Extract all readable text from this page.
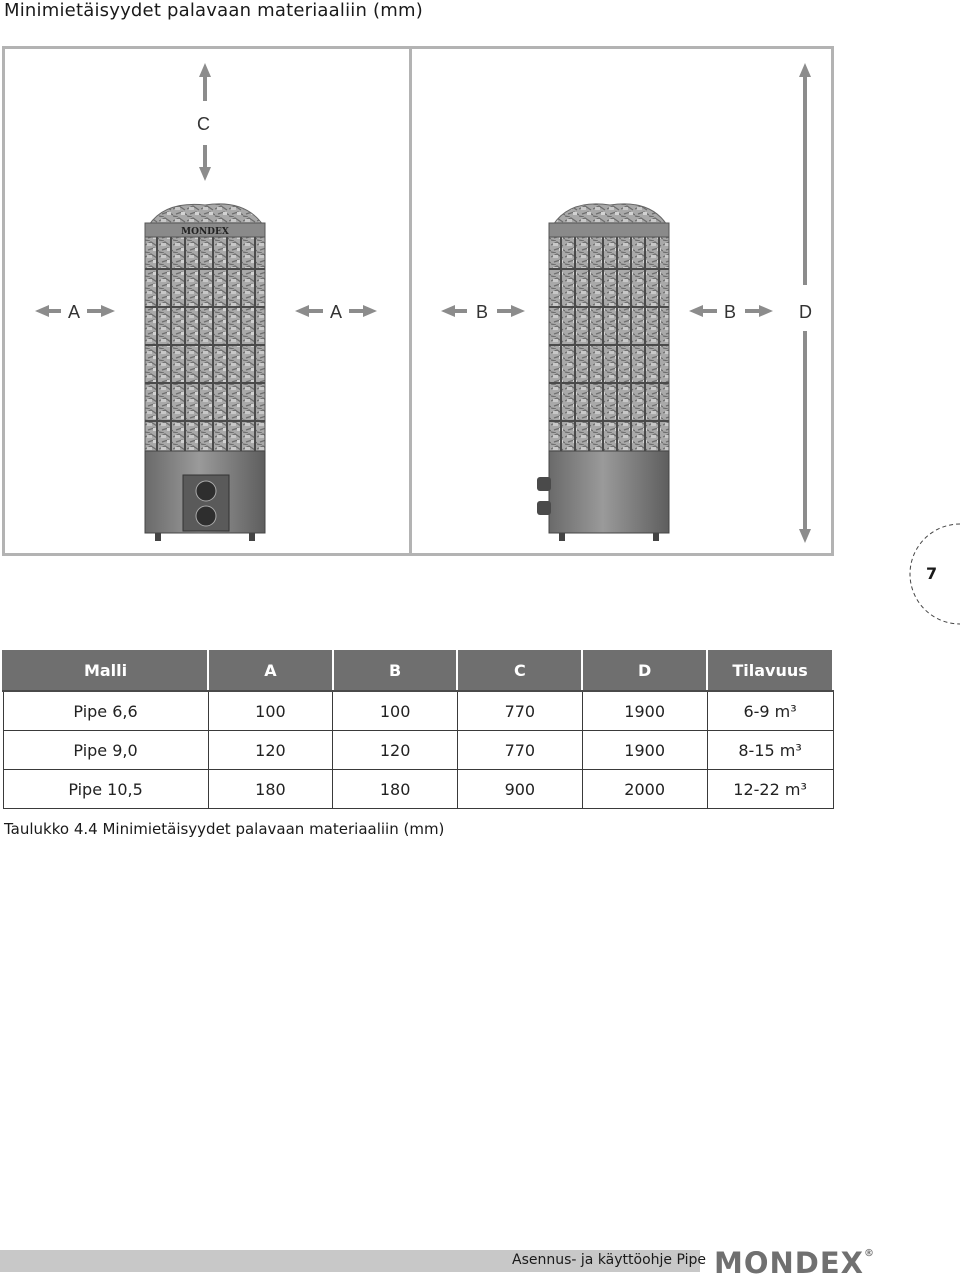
Minimietäisyydet palavaan materiaaliin (mm)
MONDEX
C
A	A	B	B	D
7
Malli	A	B	C	D	Tilavuus
Pipe 6,6	100	100	770	1900	6-9 m³
Pipe 9,0	120	120	770	1900	8-15 m³
Pipe 10,5	180	180	900	2000	12-22 m³
Taulukko 4.4 Minimietäisyydet palavaan materiaaliin (mm)
Asennus- ja käyttöohje Pipe MONDEX®
